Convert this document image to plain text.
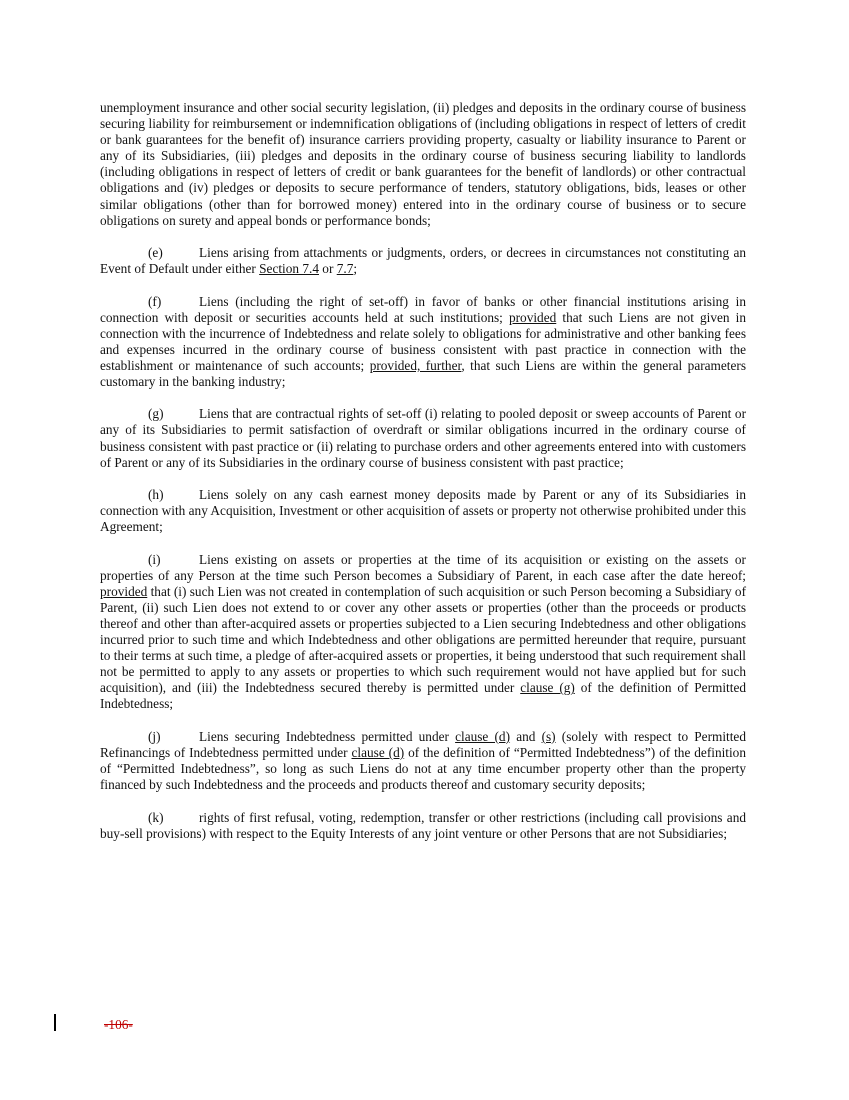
unemployment insurance and other social security legislation, (ii) pledges and deposits in the ordinary course of business securing liability for reimbursement or indemnification obligations of (including obligations in respect of letters of credit or bank guarantees for the benefit of) insurance carriers providing property, casualty or liability insurance to Parent or any of its Subsidiaries, (iii) pledges and deposits in the ordinary course of business securing liability to landlords (including obligations in respect of letters of credit or bank guarantees for the benefit of landlords) or other contractual obligations and (iv) pledges or deposits to secure performance of tenders, statutory obligations, bids, leases or other similar obligations (other than for borrowed money) entered into in the ordinary course of business or to secure obligations on surety and appeal bonds or performance bonds;

(e)	Liens arising from attachments or judgments, orders, or decrees in circumstances not constituting an Event of Default under either Section 7.4 or 7.7;

(f)	Liens (including the right of set-off) in favor of banks or other financial institutions arising in connection with deposit or securities accounts held at such institutions; provided that such Liens are not given in connection with the incurrence of Indebtedness and relate solely to obligations for administrative and other banking fees and expenses incurred in the ordinary course of business consistent with past practice in connection with the establishment or maintenance of such accounts; provided, further, that such Liens are within the general parameters customary in the banking industry;

(g)	Liens that are contractual rights of set-off (i) relating to pooled deposit or sweep accounts of Parent or any of its Subsidiaries to permit satisfaction of overdraft or similar obligations incurred in the ordinary course of business consistent with past practice or (ii) relating to purchase orders and other agreements entered into with customers of Parent or any of its Subsidiaries in the ordinary course of business consistent with past practice;

(h)	Liens solely on any cash earnest money deposits made by Parent or any of its Subsidiaries in connection with any Acquisition, Investment or other acquisition of assets or property not otherwise prohibited under this Agreement;

(i)	Liens existing on assets or properties at the time of its acquisition or existing on the assets or properties of any Person at the time such Person becomes a Subsidiary of Parent, in each case after the date hereof; provided that (i) such Lien was not created in contemplation of such acquisition or such Person becoming a Subsidiary of Parent, (ii) such Lien does not extend to or cover any other assets or properties (other than the proceeds or products thereof and other than after-acquired assets or properties subjected to a Lien securing Indebtedness and other obligations incurred prior to such time and which Indebtedness and other obligations are permitted hereunder that require, pursuant to their terms at such time, a pledge of after-acquired assets or properties, it being understood that such requirement shall not be permitted to apply to any assets or properties to which such requirement would not have applied but for such acquisition), and (iii) the Indebtedness secured thereby is permitted under clause (g) of the definition of Permitted Indebtedness;

(j)	Liens securing Indebtedness permitted under clause (d) and (s) (solely with respect to Permitted Refinancings of Indebtedness permitted under clause (d) of the definition of “Permitted Indebtedness”) of the definition of “Permitted Indebtedness”, so long as such Liens do not at any time encumber property other than the property financed by such Indebtedness and the proceeds and products thereof and customary security deposits;

(k)	rights of first refusal, voting, redemption, transfer or other restrictions (including call provisions and buy-sell provisions) with respect to the Equity Interests of any joint venture or other Persons that are not Subsidiaries;

-106-
